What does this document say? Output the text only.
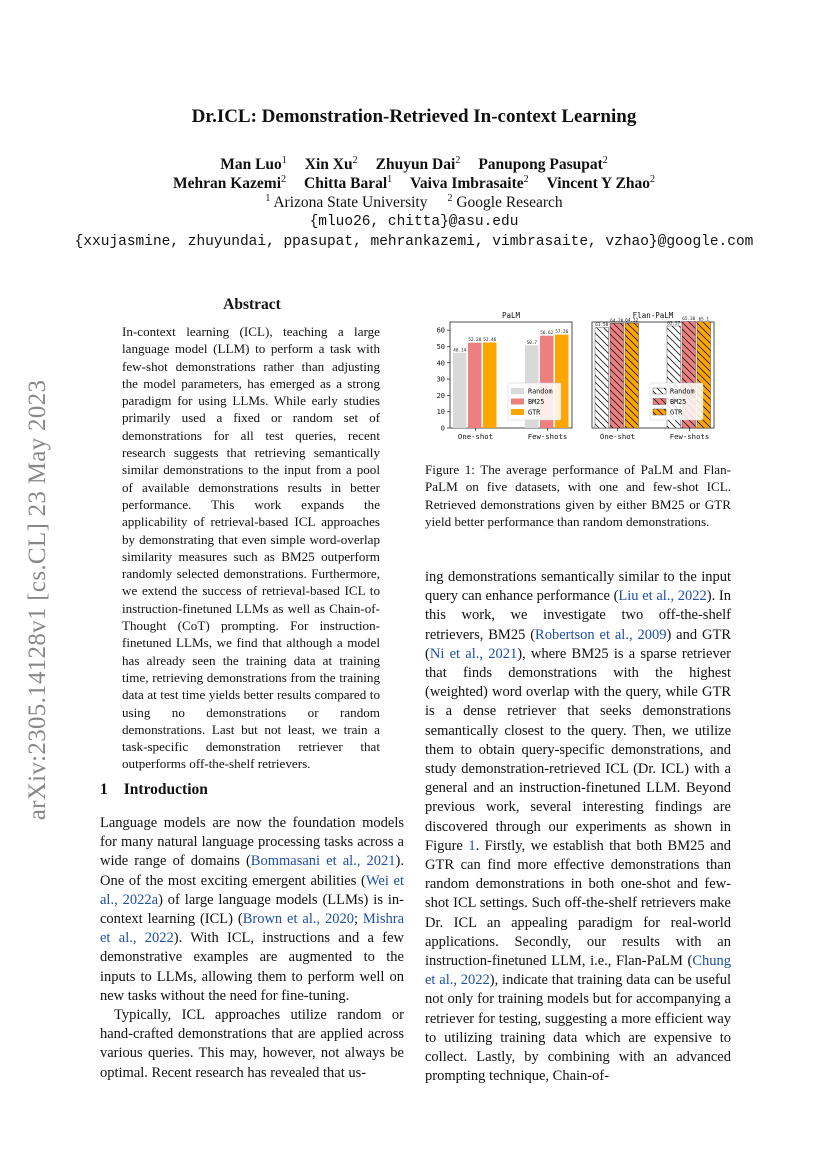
Dr.ICL: Demonstration-Retrieved In-context Learning
Man Luo$^1$ Xin Xu$^2$ Zhuyun Dai$^2$ Panupong Pasupat$^2$
Mehran Kazemi$^2$ Chitta Baral$^1$ Vaiva Imbrasaite$^2$ Vincent Y Zhao$^2$
$^1$ Arizona State University $^2$ Google Research
{mluo26, chitta}@asu.edu
{xxujasmine, zhuyundai, ppasupat, mehrankazemi, vimbrasaite, vzhao}@google.com
arXiv:2305.14128v1 [cs.CL] 23 May 2023
Abstract
In-context learning (ICL), teaching a large language model (LLM) to perform a task with few-shot demonstrations rather than adjusting the model parameters, has emerged as a strong paradigm for using LLMs. While early studies primarily used a fixed or random set of demonstrations for all test queries, recent research suggests that retrieving semantically similar demonstrations to the input from a pool of available demonstrations results in better performance. This work expands the applicability of retrieval-based ICL approaches by demonstrating that even simple word-overlap similarity measures such as BM25 outperform randomly selected demonstrations. Furthermore, we extend the success of retrieval-based ICL to instruction-finetuned LLMs as well as Chain-of-Thought (CoT) prompting. For instruction-finetuned LLMs, we find that although a model has already seen the training data at training time, retrieving demonstrations from the training data at test time yields better results compared to using no demonstrations or random demonstrations. Last but not least, we train a task-specific demonstration retriever that outperforms off-the-shelf retrievers.
1 Introduction

Language models are now the foundation models for many natural language processing tasks across a wide range of domains (Bommasani et al., 2021). One of the most exciting emergent abilities (Wei et al., 2022a) of large language models (LLMs) is in-context learning (ICL) (Brown et al., 2020; Mishra et al., 2022). With ICL, instructions and a few demonstrative examples are augmented to the inputs to LLMs, allowing them to perform well on new tasks without the need for fine-tuning.

Typically, ICL approaches utilize random or hand-crafted demonstrations that are applied across various queries. This may, however, not always be optimal. Recent research has revealed that us-

PaLM
0
10
20
30
40
50
60
46.14
52.28 52.46
One-shot
50.7
56.62 57.26
Few-shots
Random
BM25
GTR
Flan-PaLM
61.58
64.20 64.32
One-shot
62.57
65.30 65.1
Few-shots
Random
BM25
GTR
Figure 1: The average performance of PaLM and Flan-PaLM on five datasets, with one and few-shot ICL. Retrieved demonstrations given by either BM25 or GTR yield better performance than random demonstrations.

ing demonstrations semantically similar to the input query can enhance performance (Liu et al., 2022). In this work, we investigate two off-the-shelf retrievers, BM25 (Robertson et al., 2009) and GTR (Ni et al., 2021), where BM25 is a sparse retriever that finds demonstrations with the highest (weighted) word overlap with the query, while GTR is a dense retriever that seeks demonstrations semantically closest to the query. Then, we utilize them to obtain query-specific demonstrations, and study demonstration-retrieved ICL (Dr. ICL) with a general and an instruction-finetuned LLM. Beyond previous work, several interesting findings are discovered through our experiments as shown in Figure 1. Firstly, we establish that both BM25 and GTR can find more effective demonstrations than random demonstrations in both one-shot and few-shot ICL settings. Such off-the-shelf retrievers make Dr. ICL an appealing paradigm for real-world applications. Secondly, our results with an instruction-finetuned LLM, i.e., Flan-PaLM (Chung et al., 2022), indicate that training data can be useful not only for training models but for accompanying a retriever for testing, suggesting a more efficient way to utilizing training data which are expensive to collect. Lastly, by combining with an advanced prompting technique, Chain-of-
